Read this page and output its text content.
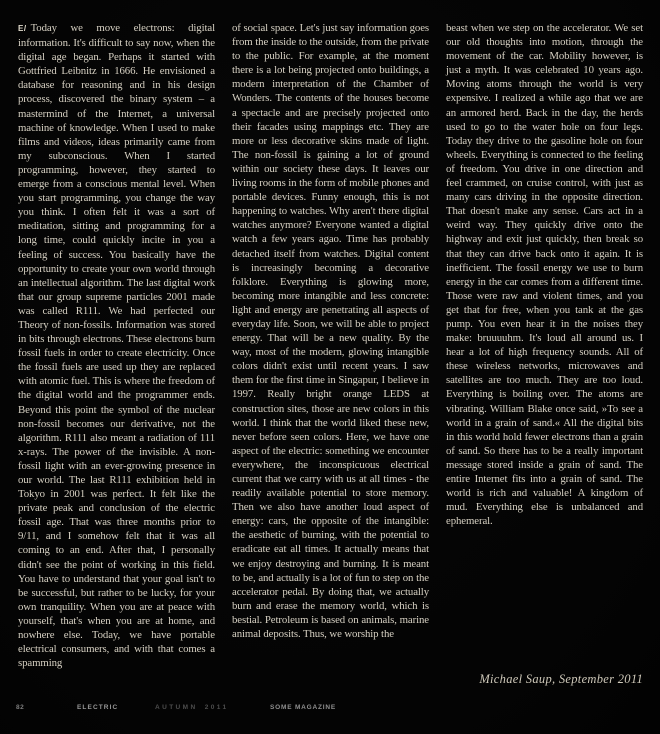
E/ Today we move electrons: digital information. It's difficult to say now, when the digital age began. Perhaps it started with Gottfried Leibnitz in 1666. He envisioned a database for reasoning and in his design process, discovered the binary system – a mastermind of the Internet, a universal machine of knowledge. When I used to make films and videos, ideas primarily came from my subconscious. When I started programming, however, they started to emerge from a conscious mental level. When you start programming, you change the way you think. I often felt it was a sort of meditation, sitting and programming for a long time, could quickly incite in you a feeling of success. You basically have the opportunity to create your own world through an intellectual algorithm. The last digital work that our group supreme particles 2001 made was called R111. We had perfected our Theory of non-fossils. Information was stored in bits through electrons. These electrons burn fossil fuels in order to create electricity. Once the fossil fuels are used up they are replaced with atomic fuel. This is where the freedom of the digital world and the programmer ends. Beyond this point the symbol of the nuclear non-fossil becomes our derivative, not the algorithm. R111 also meant a radiation of 111 x-rays. The power of the invisible. A non-fossil light with an ever-growing presence in our world. The last R111 exhibition held in Tokyo in 2001 was perfect. It felt like the private peak and conclusion of the electric fossil age. That was three months prior to 9/11, and I somehow felt that it was all coming to an end. After that, I personally didn't see the point of working in this field. You have to understand that your goal isn't to be successful, but rather to be lucky, for your own tranquility. When you are at peace with yourself, that's when you are at home, and nowhere else. Today, we have portable electrical consumers, and with that comes a spamming
of social space. Let's just say information goes from the inside to the outside, from the private to the public. For example, at the moment there is a lot being projected onto buildings, a modern interpretation of the Chamber of Wonders. The contents of the houses become a spectacle and are precisely projected onto their facades using mappings etc. They are more or less decorative skins made of light. The non-fossil is gaining a lot of ground within our society these days. It leaves our living rooms in the form of mobile phones and portable devices. Funny enough, this is not happening to watches. Why aren't there digital watches anymore? Everyone wanted a digital watch a few years agao. Time has probably detached itself from watches. Digital content is increasingly becoming a decorative folklore. Everything is glowing more, becoming more intangible and less concrete: light and energy are penetrating all aspects of everyday life. Soon, we will be able to project energy. That will be a new quality. By the way, most of the modern, glowing intangible colors didn't exist until recent years. I saw them for the first time in Singapur, I believe in 1997. Really bright orange LEDS at construction sites, those are new colors in this world. I think that the world liked these new, never before seen colors. Here, we have one aspect of the electric: something we encounter everywhere, the inconspicuous electrical current that we carry with us at all times - the readily available potential to store memory. Then we also have another loud aspect of energy: cars, the opposite of the intangible: the aesthetic of burning, with the potential to eradicate eat all times. It actually means that we enjoy destroying and burning. It is meant to be, and actually is a lot of fun to step on the accelerator pedal. By doing that, we actually burn and erase the memory world, which is bestial. Petroleum is based on animals, marine animal deposits. Thus, we worship the
beast when we step on the accelerator. We set our old thoughts into motion, through the movement of the car. Mobility however, is just a myth. It was celebrated 10 years ago. Moving atoms through the world is very expensive. I realized a while ago that we are an armored herd. Back in the day, the herds used to go to the water hole on four legs. Today they drive to the gasoline hole on four wheels. Everything is connected to the feeling of freedom. You drive in one direction and feel crammed, on cruise control, with just as many cars driving in the opposite direction. That doesn't make any sense. Cars act in a weird way. They quickly drive onto the highway and exit just quickly, then break so that they can drive back onto it again. It is inefficient. The fossil energy we use to burn energy in the car comes from a different time. Those were raw and violent times, and you get that for free, when you tank at the gas pump. You even hear it in the noises they make: bruuuuhm. It's loud all around us. I hear a lot of high frequency sounds. All of these wireless networks, microwaves and satellites are too much. They are too loud. Everything is boiling over. The atoms are vibrating. William Blake once said, »To see a world in a grain of sand.« All the digital bits in this world hold fewer electrons than a grain of sand. So there has to be a really important message stored inside a grain of sand. The entire Internet fits into a grain of sand. The world is rich and valuable! A kingdom of mud. Everything else is unbalanced and ephemeral.
Michael Saup, September 2011
82	ELECTRIC	AUTUMN 2011	SOME MAGAZINE
